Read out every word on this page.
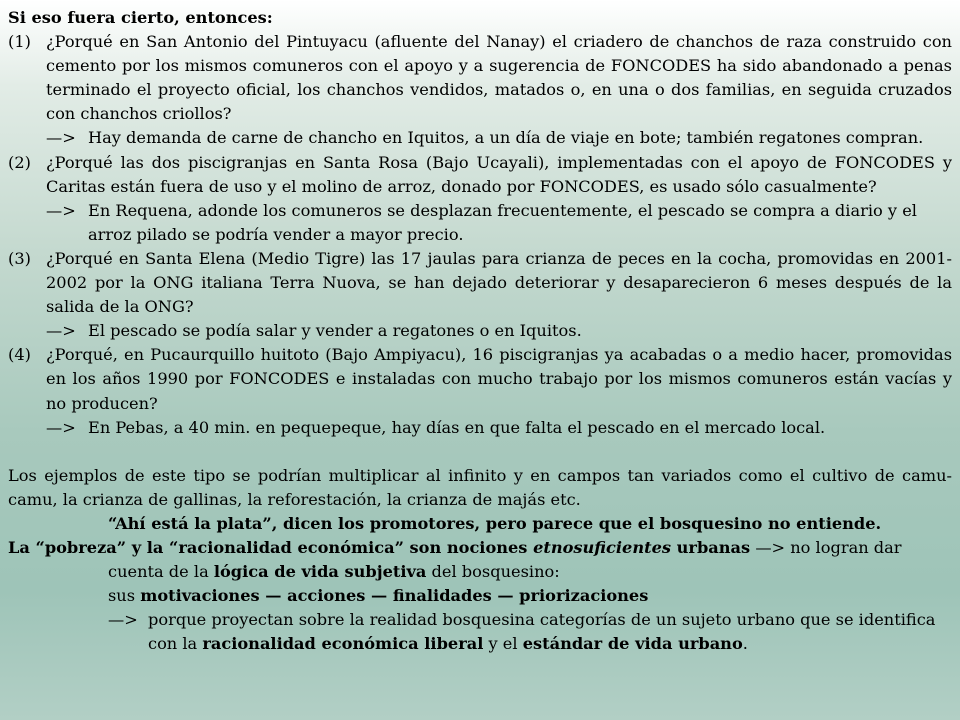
Si eso fuera cierto, entonces:
(1) ¿Porqué en San Antonio del Pintuyacu (afluente del Nanay) el criadero de chanchos de raza construido con cemento por los mismos comuneros con el apoyo y a sugerencia de FONCODES ha sido abandonado a penas terminado el proyecto oficial, los chanchos vendidos, matados o, en una o dos familias, en seguida cruzados con chanchos criollos?
—> Hay demanda de carne de chancho en Iquitos, a un día de viaje en bote; también regatones compran.
(2) ¿Porqué las dos piscigranjas en Santa Rosa (Bajo Ucayali), implementadas con el apoyo de FONCODES y Caritas están fuera de uso y el molino de arroz, donado por FONCODES, es usado sólo casualmente?
—> En Requena, adonde los comuneros se desplazan frecuentemente, el pescado se compra a diario y el arroz pilado se podría vender a mayor precio.
(3) ¿Porqué en Santa Elena (Medio Tigre) las 17 jaulas para crianza de peces en la cocha, promovidas en 2001-2002 por la ONG italiana Terra Nuova, se han dejado deteriorar y desaparecieron 6 meses después de la salida de la ONG?
—> El pescado se podía salar y vender a regatones o en Iquitos.
(4) ¿Porqué, en Pucaurquillo huitoto (Bajo Ampiyacu), 16 piscigranjas ya acabadas o a medio hacer, promovidas en los años 1990 por FONCODES e instaladas con mucho trabajo por los mismos comuneros están vacías y no producen?
—> En Pebas, a 40 min. en pequepeque, hay días en que falta el pescado en el mercado local.
Los ejemplos de este tipo se podrían multiplicar al infinito y en campos tan variados como el cultivo de camu-camu, la crianza de gallinas, la reforestación, la crianza de majás etc.
“Ahí está la plata”, dicen los promotores, pero parece que el bosquesino no entiende.
La “pobreza” y la “racionalidad económica” son nociones etnosuficientes urbanas —> no logran dar
cuenta de la lógica de vida subjetiva del bosquesino:
sus motivaciones — acciones — finalidades — priorizaciones
—> porque proyectan sobre la realidad bosquesina categorías de un sujeto urbano que se identifica con la racionalidad económica liberal y el estándar de vida urbano.
